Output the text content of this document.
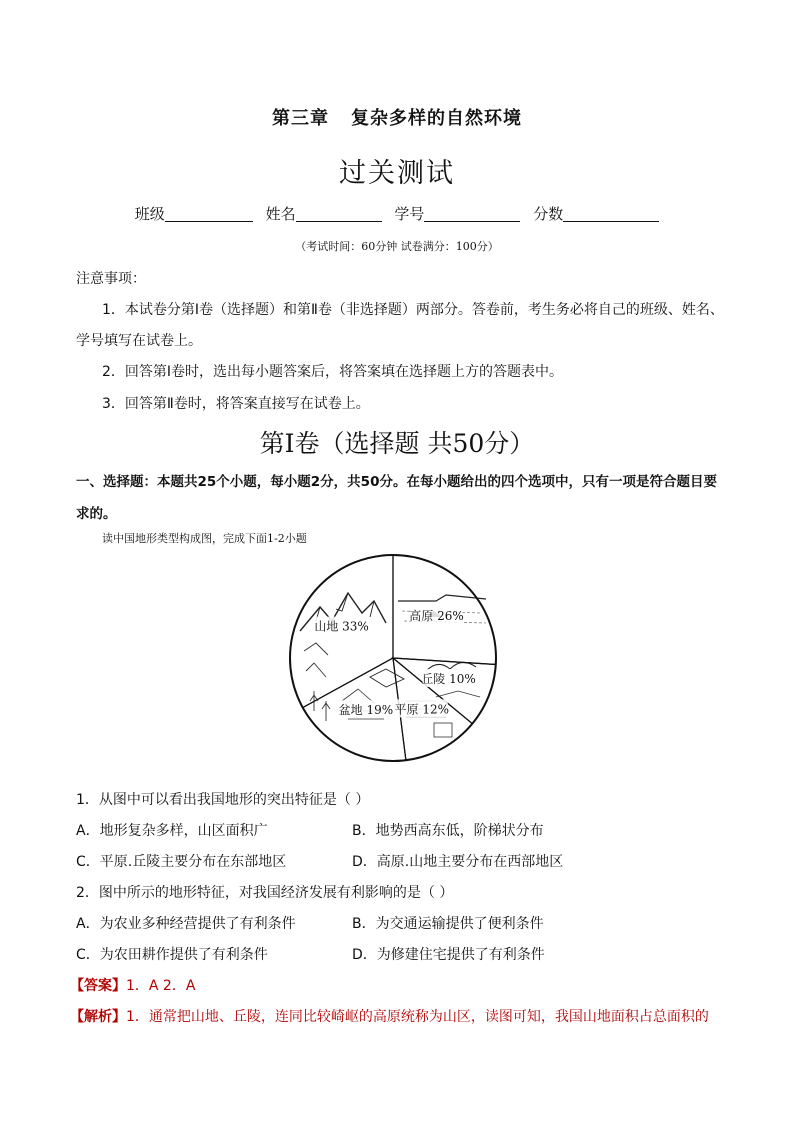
第三章 复杂多样的自然环境
过关测试
班级	姓名	学号	分数
（考试时间：60分钟 试卷满分：100分）
注意事项：
1．本试卷分第Ⅰ卷（选择题）和第Ⅱ卷（非选择题）两部分。答卷前，考生务必将自己的班级、姓名、
学号填写在试卷上。
2．回答第Ⅰ卷时，选出每小题答案后，将答案填在选择题上方的答题表中。
3．回答第Ⅱ卷时，将答案直接写在试卷上。
第Ⅰ卷（选择题 共50分）
一、选择题：本题共25个小题，每小题2分，共50分。在每小题给出的四个选项中，只有一项是符合题目要求的。
读中国地形类型构成图，完成下面1-2小题
高原 26%
丘陵 10%
平原 12%
盆地 19%
山地 33%
1．从图中可以看出我国地形的突出特征是（ ）
A．地形复杂多样，山区面积广	B．地势西高东低，阶梯状分布
C．平原.丘陵主要分布在东部地区	D．高原.山地主要分布在西部地区
2．图中所示的地形特征，对我国经济发展有利影响的是（ ）
A．为农业多种经营提供了有利条件	B．为交通运输提供了便利条件
C．为农田耕作提供了有利条件	D．为修建住宅提供了有利条件
【答案】1．A 2．A
【解析】1．通常把山地、丘陵，连同比较崎岖的高原统称为山区，读图可知，我国山地面积占总面积的
